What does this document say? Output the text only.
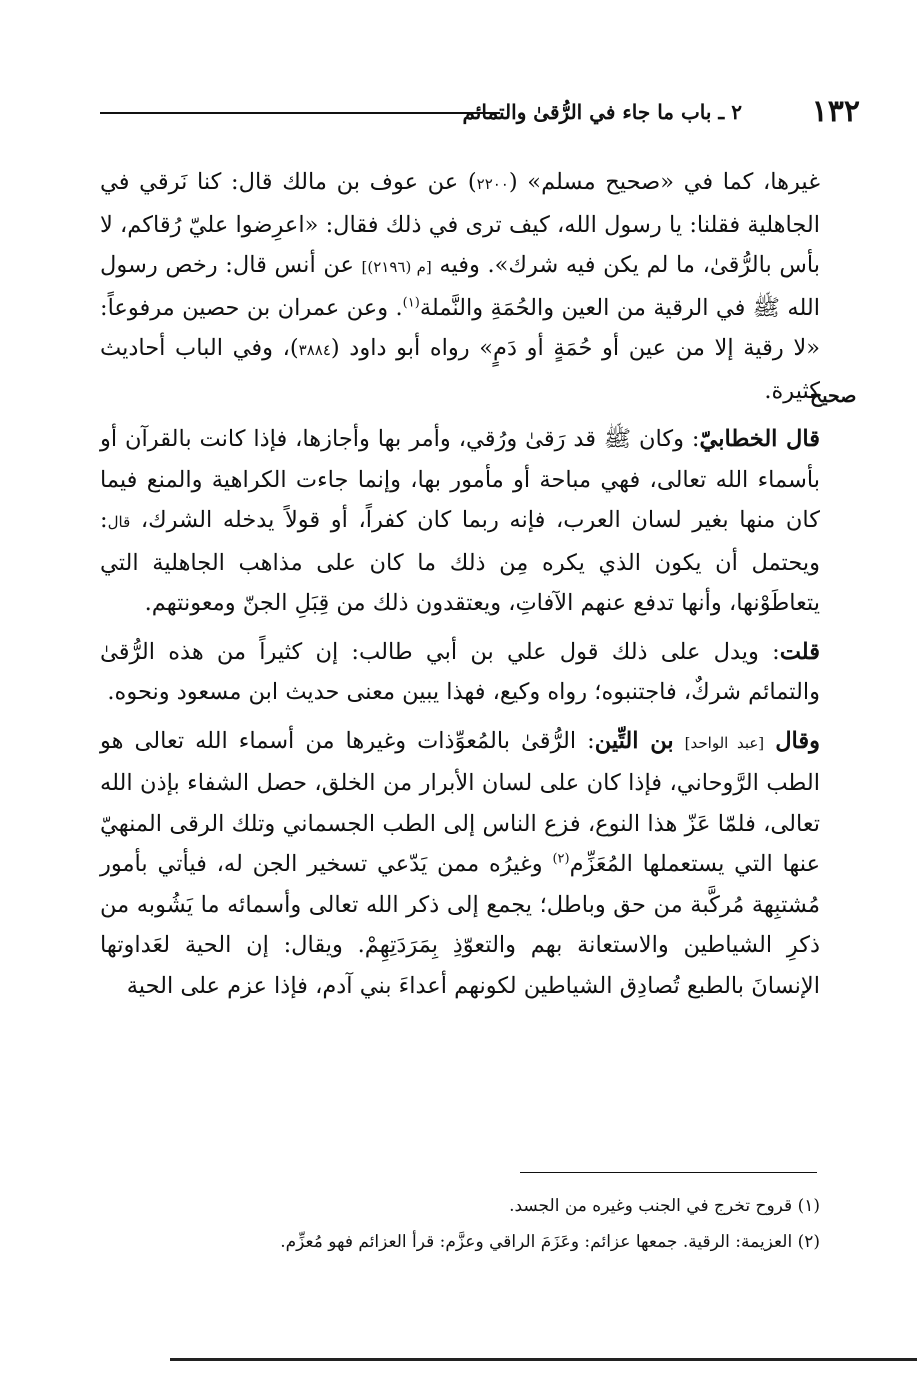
١٣٢
٢ ـ باب ما جاء في الرُّقىٰ والتمائم
صحيح

غيرها، كما في «صحيح مسلم» (٢٢٠٠) عن عوف بن مالك قال: كنا نَرقي في الجاهلية فقلنا: يا رسول الله، كيف ترى في ذلك فقال: «اعرِضوا عليّ رُقاكم، لا بأس بالرُّقىٰ، ما لم يكن فيه شرك». وفيه [م (٢١٩٦)] عن أنس قال: رخص رسول الله ﷺ في الرقية من العين والحُمَةِ والنَّملة$^{(١)}$. وعن عمران بن حصين مرفوعاً: «لا رقية إلا من عين أو حُمَةٍ أو دَمٍ» رواه أبو داود (٣٨٨٤)، وفي الباب أحاديث كثيرة.

قال الخطابيّ: وكان ﷺ قد رَقىٰ ورُقي، وأمر بها وأجازها، فإذا كانت بالقرآن أو بأسماء الله تعالى، فهي مباحة أو مأمور بها، وإنما جاءت الكراهية والمنع فيما كان منها بغير لسان العرب، فإنه ربما كان كفراً، أو قولاً يدخله الشرك، قال: ويحتمل أن يكون الذي يكره مِن ذلك ما كان على مذاهب الجاهلية التي يتعاطَوْنها، وأنها تدفع عنهم الآفاتِ، ويعتقدون ذلك من قِبَلِ الجنّ ومعونتهم.

قلت: ويدل على ذلك قول علي بن أبي طالب: إن كثيراً من هذه الرُّقىٰ والتمائم شركٌ، فاجتنبوه؛ رواه وكيع، فهذا يبين معنى حديث ابن مسعود ونحوه.

وقال [عبد الواحد] بن التِّين: الرُّقىٰ بالمُعوِّذات وغيرها من أسماء الله تعالى هو الطب الرَّوحاني، فإذا كان على لسان الأبرار من الخلق، حصل الشفاء بإذن الله تعالى، فلمّا عَزّ هذا النوع، فزع الناس إلى الطب الجسماني وتلك الرقى المنهيّ عنها التي يستعملها المُعَزِّم$^{(٢)}$ وغيرُه ممن يَدّعي تسخير الجن له، فيأتي بأمور مُشتبِهة مُركَّبة من حق وباطل؛ يجمع إلى ذكر الله تعالى وأسمائه ما يَشُوبه من ذكرِ الشياطين والاستعانة بهم والتعوّذِ بِمَرَدَتِهِمْ. ويقال: إن الحية لعَداوتها الإنسانَ بالطبع تُصادِق الشياطين لكونهم أعداءَ بني آدم، فإذا عزم على الحية

(١) قروح تخرج في الجنب وغيره من الجسد.

(٢) العزيمة: الرقية. جمعها عزائم: وعَزَمَ الراقي وعزَّم: قرأ العزائم فهو مُعزِّم.
